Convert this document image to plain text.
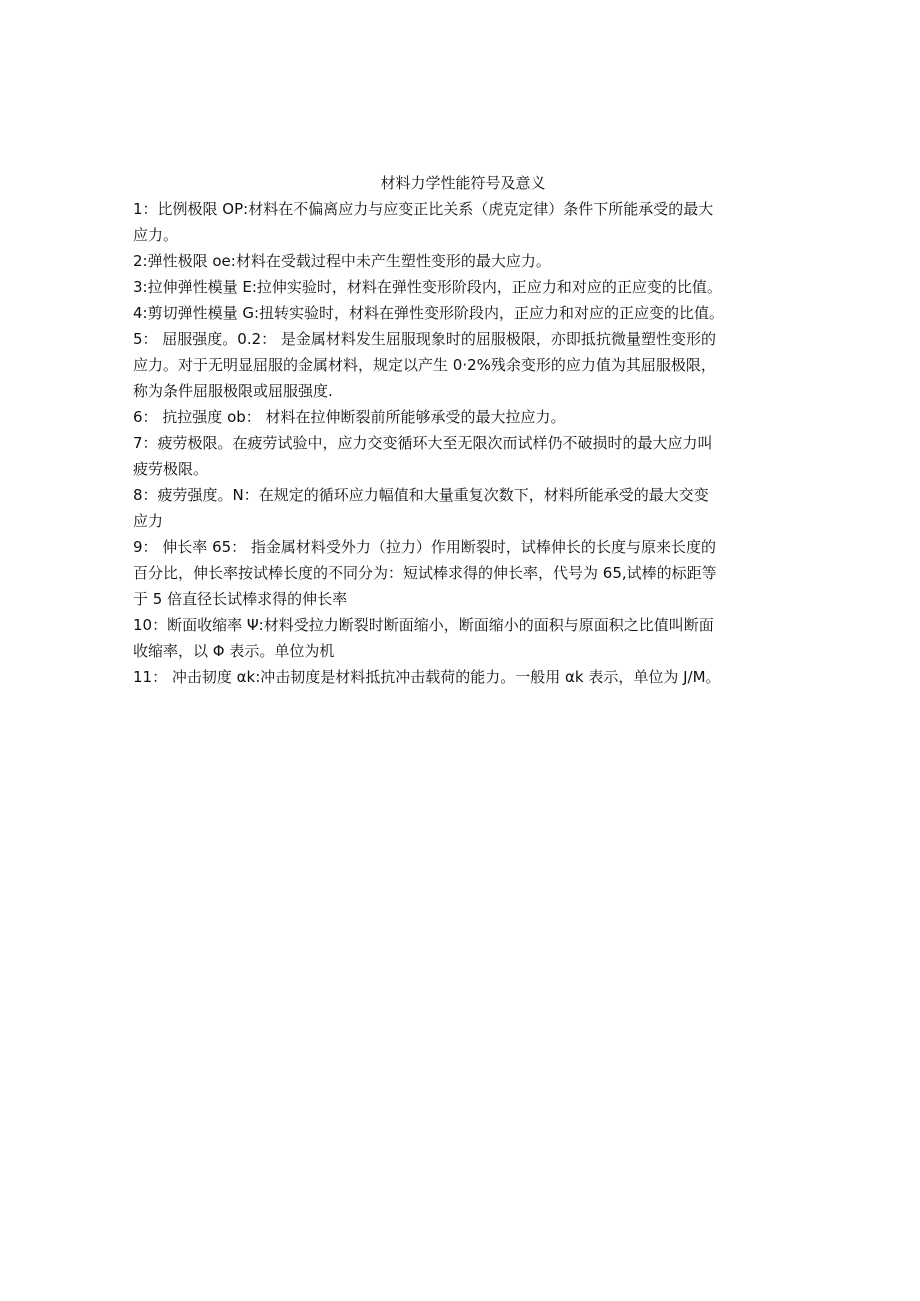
材料力学性能符号及意义
1：比例极限 OP:材料在不偏离应力与应变正比关系（虎克定律）条件下所能承受的最大
应力。
2:弹性极限 oe:材料在受载过程中未产生塑性变形的最大应力。
3:拉伸弹性模量 E:拉伸实验时，材料在弹性变形阶段内，正应力和对应的正应变的比值。
4:剪切弹性模量 G:扭转实验时，材料在弹性变形阶段内，正应力和对应的正应变的比值。
5： 屈服强度。0.2： 是金属材料发生屈服现象时的屈服极限，亦即抵抗微量塑性变形的
应力。对于无明显屈服的金属材料，规定以产生 0·2%残余变形的应力值为其屈服极限，
称为条件屈服极限或屈服强度.
6： 抗拉强度 ob： 材料在拉伸断裂前所能够承受的最大拉应力。
7：疲劳极限。在疲劳试验中，应力交变循环大至无限次而试样仍不破损时的最大应力叫
疲劳极限。
8：疲劳强度。N：在规定的循环应力幅值和大量重复次数下，材料所能承受的最大交变
应力
9： 伸长率 65： 指金属材料受外力（拉力）作用断裂时，试棒伸长的长度与原来长度的
百分比，伸长率按试棒长度的不同分为：短试棒求得的伸长率，代号为 65,试棒的标距等
于 5 倍直径长试棒求得的伸长率
10：断面收缩率 Ψ:材料受拉力断裂时断面缩小，断面缩小的面积与原面积之比值叫断面
收缩率，以 Φ 表示。单位为机
11： 冲击韧度 αk:冲击韧度是材料抵抗冲击载荷的能力。一般用 αk 表示，单位为 J/M。
